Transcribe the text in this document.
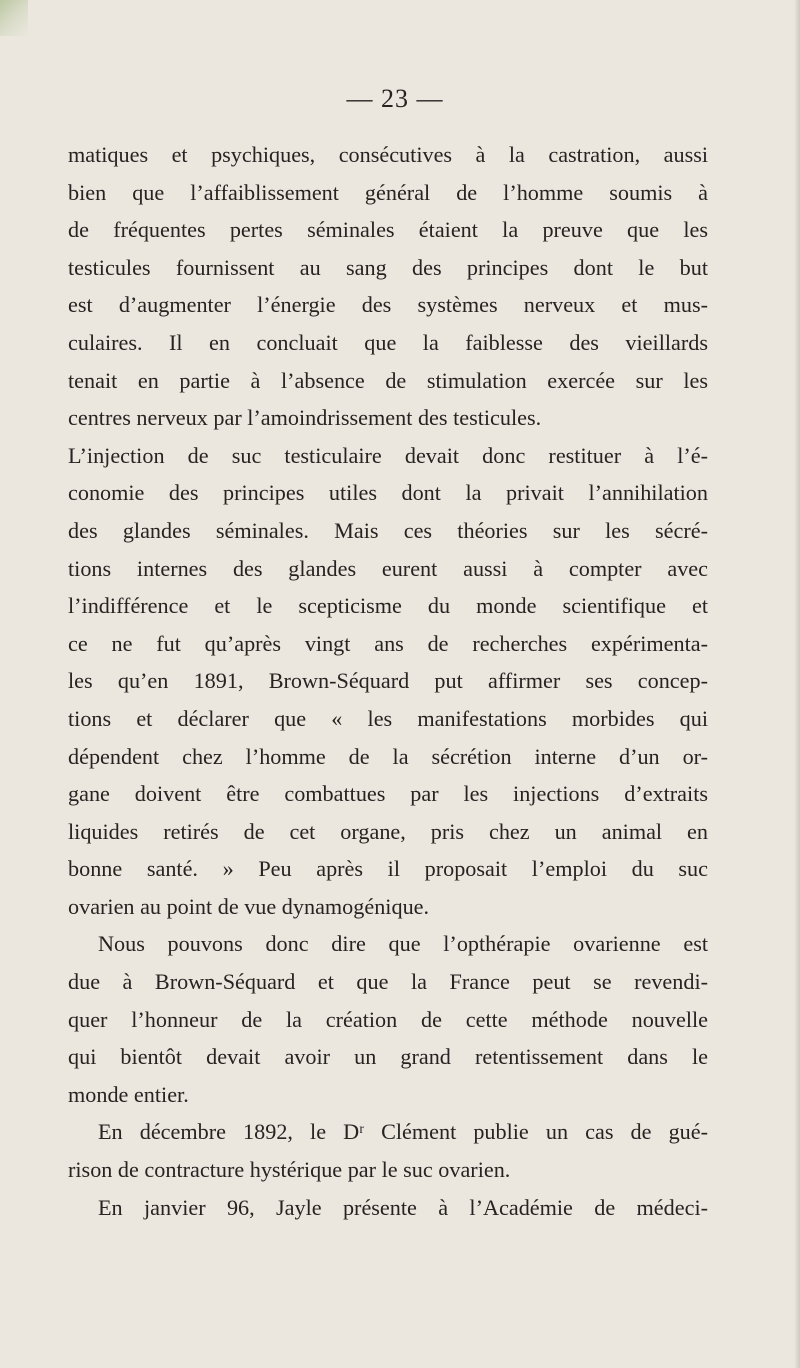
— 23 —

matiques et psychiques, consécutives à la castration, aussi
bien que l’affaiblissement général de l’homme soumis à
de fréquentes pertes séminales étaient la preuve que les
testicules fournissent au sang des principes dont le but
est d’augmenter l’énergie des systèmes nerveux et mus-
culaires. Il en concluait que la faiblesse des vieillards
tenait en partie à l’absence de stimulation exercée sur les
centres nerveux par l’amoindrissement des testicules.
L’injection de suc testiculaire devait donc restituer à l’é-
conomie des principes utiles dont la privait l’annihilation
des glandes séminales. Mais ces théories sur les sécré-
tions internes des glandes eurent aussi à compter avec
l’indifférence et le scepticisme du monde scientifique et
ce ne fut qu’après vingt ans de recherches expérimenta-
les qu’en 1891, Brown-Séquard put affirmer ses concep-
tions et déclarer que « les manifestations morbides qui
dépendent chez l’homme de la sécrétion interne d’un or-
gane doivent être combattues par les injections d’extraits
liquides retirés de cet organe, pris chez un animal en
bonne santé. » Peu après il proposait l’emploi du suc
ovarien au point de vue dynamogénique.

Nous pouvons donc dire que l’opthérapie ovarienne est
due à Brown-Séquard et que la France peut se revendi-
quer l’honneur de la création de cette méthode nouvelle
qui bientôt devait avoir un grand retentissement dans le
monde entier.

En décembre 1892, le Dʳ Clément publie un cas de gué-
rison de contracture hystérique par le suc ovarien.

En janvier 96, Jayle présente à l’Académie de médeci-
